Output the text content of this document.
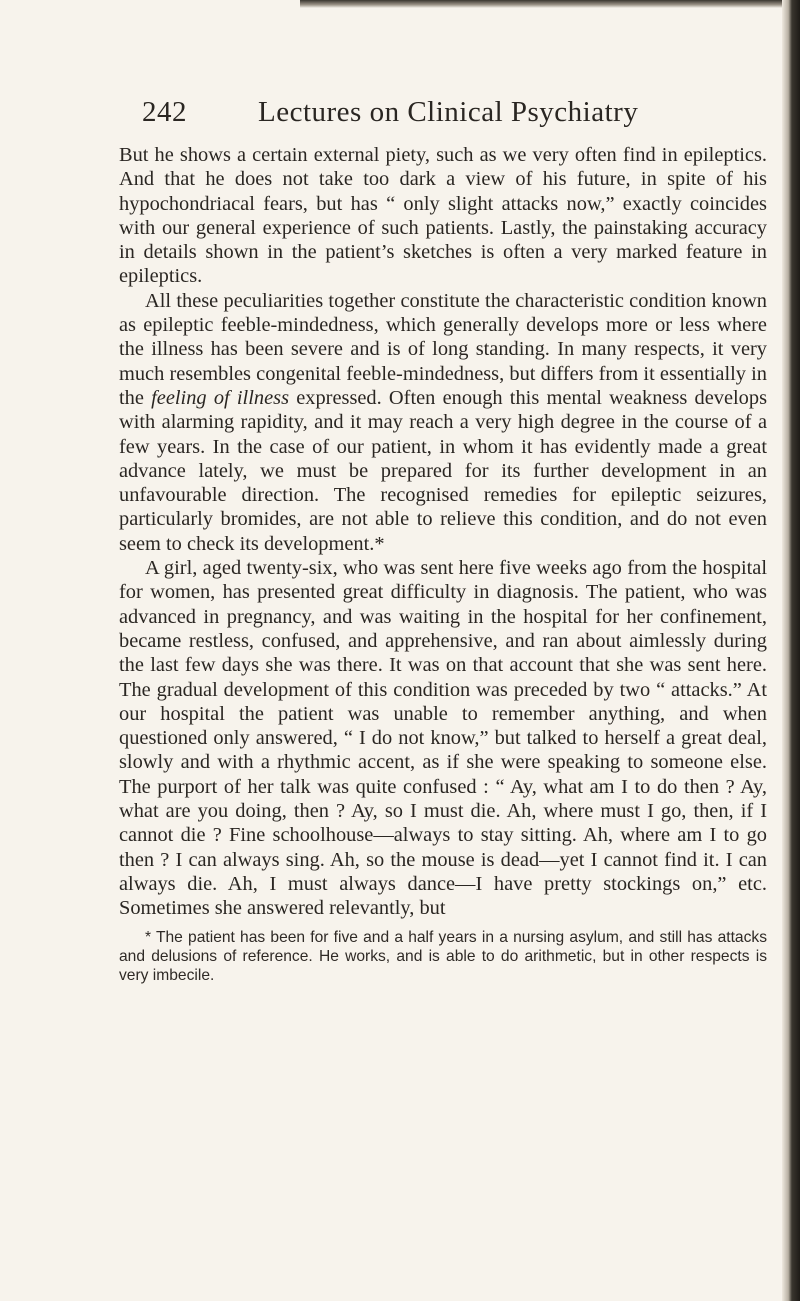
242 Lectures on Clinical Psychiatry

But he shows a certain external piety, such as we very often find in epileptics. And that he does not take too dark a view of his future, in spite of his hypochondriacal fears, but has “ only slight attacks now,” exactly coincides with our general experience of such patients. Lastly, the painstaking accuracy in details shown in the patient’s sketches is often a very marked feature in epileptics.

All these peculiarities together constitute the characteristic condition known as epileptic feeble-mindedness, which generally develops more or less where the illness has been severe and is of long standing. In many respects, it very much resembles congenital feeble-mindedness, but differs from it essentially in the feeling of illness expressed. Often enough this mental weakness develops with alarming rapidity, and it may reach a very high degree in the course of a few years. In the case of our patient, in whom it has evidently made a great advance lately, we must be prepared for its further development in an unfavourable direction. The recognised remedies for epileptic seizures, particularly bromides, are not able to relieve this condition, and do not even seem to check its development.*

A girl, aged twenty-six, who was sent here five weeks ago from the hospital for women, has presented great difficulty in diagnosis. The patient, who was advanced in pregnancy, and was waiting in the hospital for her confinement, became restless, confused, and apprehensive, and ran about aimlessly during the last few days she was there. It was on that account that she was sent here. The gradual development of this condition was preceded by two “ attacks.” At our hospital the patient was unable to remember anything, and when questioned only answered, “ I do not know,” but talked to herself a great deal, slowly and with a rhythmic accent, as if she were speaking to someone else. The purport of her talk was quite confused : “ Ay, what am I to do then ? Ay, what are you doing, then ? Ay, so I must die. Ah, where must I go, then, if I cannot die ? Fine schoolhouse—always to stay sitting. Ah, where am I to go then ? I can always sing. Ah, so the mouse is dead—yet I cannot find it. I can always die. Ah, I must always dance—I have pretty stockings on,” etc. Sometimes she answered relevantly, but

* The patient has been for five and a half years in a nursing asylum, and still has attacks and delusions of reference. He works, and is able to do arithmetic, but in other respects is very imbecile.
